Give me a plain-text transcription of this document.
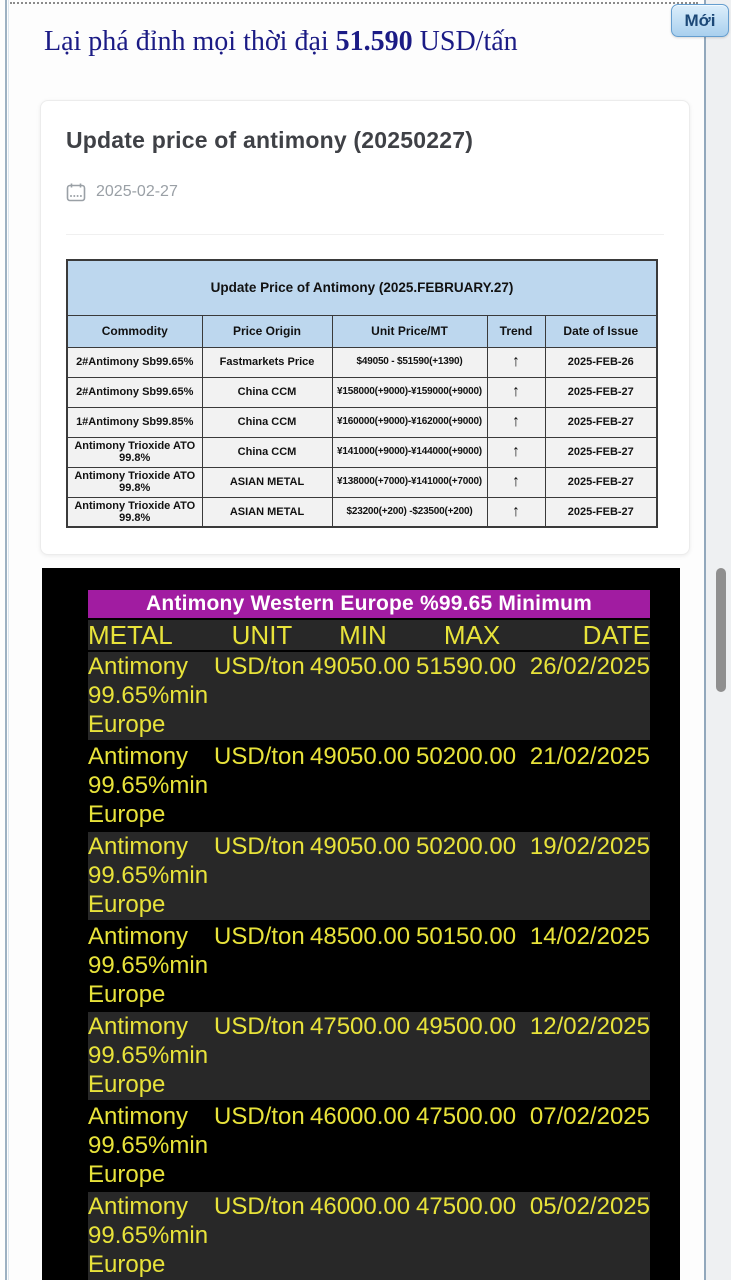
Mới
Lại phá đỉnh mọi thời đại 51.590 USD/tấn
Update price of antimony (20250227)
2025-02-27
Update Price of Antimony (2025.FEBRUARY.27)				
Commodity	Price Origin	Unit Price/MT	Trend	Date of Issue
2#Antimony Sb99.65%	Fastmarkets Price	$49050 - $51590(+1390)	↑	2025-FEB-26
2#Antimony Sb99.65%	China CCM	¥158000(+9000)-¥159000(+9000)	↑	2025-FEB-27
1#Antimony Sb99.85%	China CCM	¥160000(+9000)-¥162000(+9000)	↑	2025-FEB-27
Antimony Trioxide ATO 99.8%	China CCM	¥141000(+9000)-¥144000(+9000)	↑	2025-FEB-27
Antimony Trioxide ATO 99.8%	ASIAN METAL	¥138000(+7000)-¥141000(+7000)	↑	2025-FEB-27
Antimony Trioxide ATO 99.8%	ASIAN METAL	$23200(+200) -$23500(+200)	↑	2025-FEB-27
Antimony Western Europe %99.65 Minimum
METAL	UNIT	MIN	MAX	DATE
Antimony
99.65%min
Europe
USD/ton 49050.00 51590.00 26/02/2025
Antimony
99.65%min
Europe
USD/ton 49050.00 50200.00 21/02/2025
Antimony
99.65%min
Europe
USD/ton 49050.00 50200.00 19/02/2025
Antimony
99.65%min
Europe
USD/ton 48500.00 50150.00 14/02/2025
Antimony
99.65%min
Europe
USD/ton 47500.00 49500.00 12/02/2025
Antimony
99.65%min
Europe
USD/ton 46000.00 47500.00 07/02/2025
Antimony
99.65%min
Europe
USD/ton 46000.00 47500.00 05/02/2025
